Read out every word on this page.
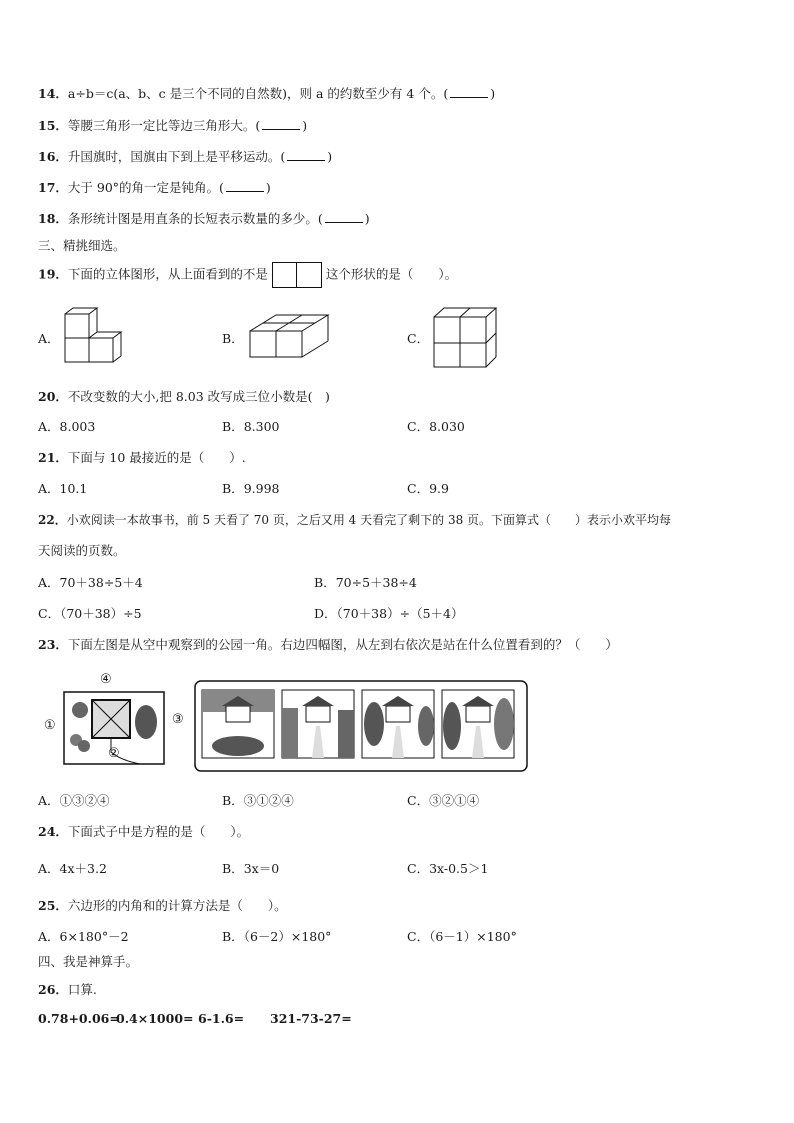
14．a÷b＝c(a、b、c 是三个不同的自然数)，则 a 的约数至少有 4 个。(	)
15．等腰三角形一定比等边三角形大。(	)
16．升国旗时，国旗由下到上是平移运动。(	)
17．大于 90°的角一定是钝角。(	)
18．条形统计图是用直条的长短表示数量的多少。(	)
三、精挑细选。
19．下面的立体图形，从上面看到的不是	这个形状的是（　　）。
A．	B．	C．
20．不改变数的大小,把 8.03 改写成三位小数是(　)
A．8.003	B．8.300	C．8.030
21．下面与 10 最接近的是（　　）.
A．10.1	B．9.998	C．9.9
22．小欢阅读一本故事书，前 5 天看了 70 页，之后又用 4 天看完了剩下的 38 页。下面算式（　　）表示小欢平均每
天阅读的页数。
A．70＋38÷5＋4	B．70÷5＋38÷4
C．（70＋38）÷5	D．（70＋38）÷（5＋4）
23．下面左图是从空中观察到的公园一角。右边四幅图，从左到右依次是站在什么位置看到的？（　　）
④
①
②
③
A．①③②④	B．③①②④	C．③②①④
24．下面式子中是方程的是（　　）。
A．4x＋3.2	B．3x＝0	C．3x-0.5＞1
25．六边形的内角和的计算方法是（　　）。
A．6×180°－2	B．（6－2）×180°	C．（6－1）×180°
四、我是神算手。
26．口算.
0.78+0.06=
0.4×1000= 6-1.6= 321-73-27=
